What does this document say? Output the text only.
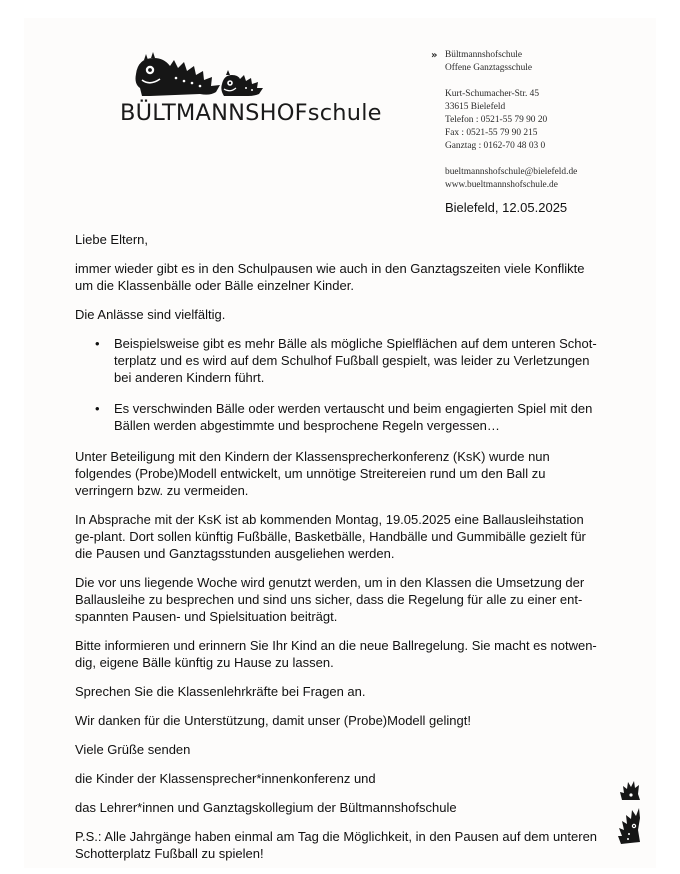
BÜLTMANNSHOFschule
» Bültmannshofschule
Offene Ganztagsschule
Kurt-Schumacher-Str. 45
33615 Bielefeld
Telefon : 0521-55 79 90 20
Fax : 0521-55 79 90 215
Ganztag : 0162-70 48 03 0
bueltmannshofschule@bielefeld.de
www.bueltmannshofschule.de
Bielefeld, 12.05.2025

Liebe Eltern,

immer wieder gibt es in den Schulpausen wie auch in den Ganztagszeiten viele Konflikte um die Klassenbälle oder Bälle einzelner Kinder.

Die Anlässe sind vielfältig.

• Beispielsweise gibt es mehr Bälle als mögliche Spielflächen auf dem unteren Schot-terplatz und es wird auf dem Schulhof Fußball gespielt, was leider zu Verletzungen bei anderen Kindern führt.
• Es verschwinden Bälle oder werden vertauscht und beim engagierten Spiel mit den Bällen werden abgestimmte und besprochene Regeln vergessen…

Unter Beteiligung mit den Kindern der Klassensprecherkonferenz (KsK) wurde nun folgendes (Probe)Modell entwickelt, um unnötige Streitereien rund um den Ball zu verringern bzw. zu vermeiden.

In Absprache mit der KsK ist ab kommenden Montag, 19.05.2025 eine Ballausleihstation ge-plant. Dort sollen künftig Fußbälle, Basketbälle, Handbälle und Gummibälle gezielt für die Pausen und Ganztagsstunden ausgeliehen werden.

Die vor uns liegende Woche wird genutzt werden, um in den Klassen die Umsetzung der Ballausleihe zu besprechen und sind uns sicher, dass die Regelung für alle zu einer ent-spannten Pausen- und Spielsituation beiträgt.

Bitte informieren und erinnern Sie Ihr Kind an die neue Ballregelung. Sie macht es notwen-dig, eigene Bälle künftig zu Hause zu lassen.

Sprechen Sie die Klassenlehrkräfte bei Fragen an.

Wir danken für die Unterstützung, damit unser (Probe)Modell gelingt!

Viele Grüße senden

die Kinder der Klassensprecher*innenkonferenz und

das Lehrer*innen und Ganztagskollegium der Bültmannshofschule

P.S.: Alle Jahrgänge haben einmal am Tag die Möglichkeit, in den Pausen auf dem unteren Schotterplatz Fußball zu spielen!
